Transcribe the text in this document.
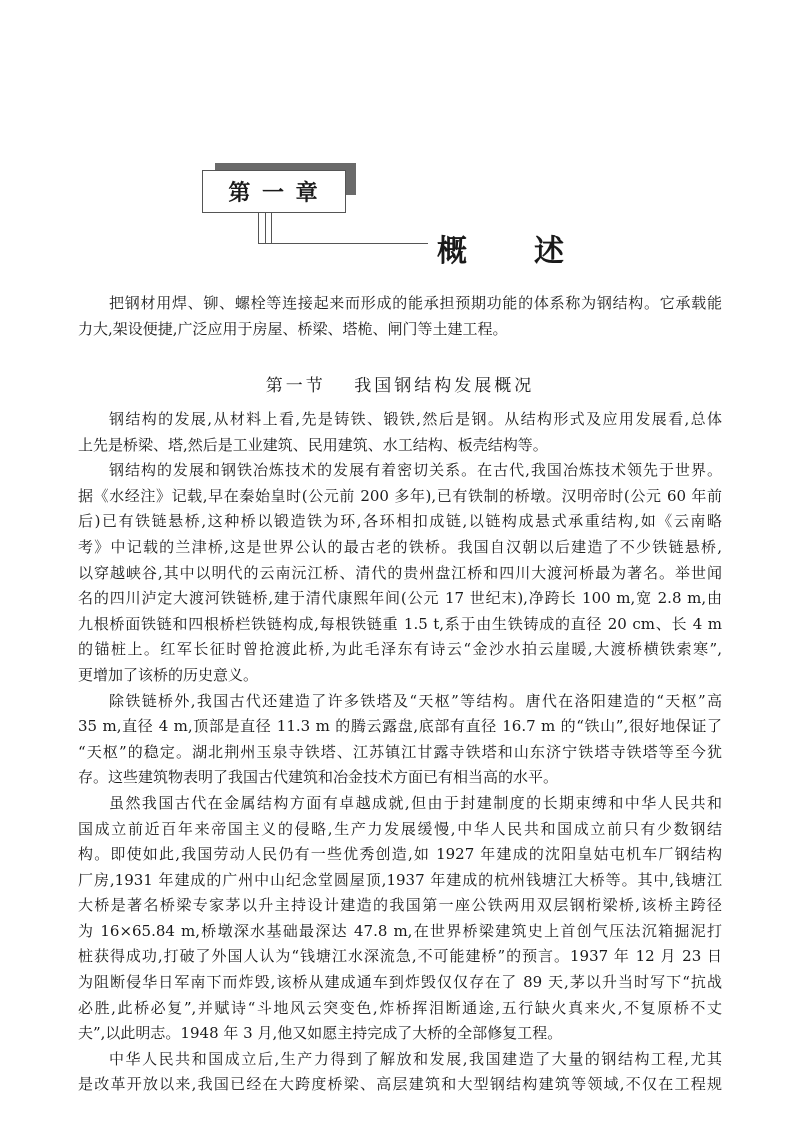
第 一 章
概 述
把钢材用焊、铆、螺栓等连接起来而形成的能承担预期功能的体系称为钢结构。它承载能
力大,架设便捷,广泛应用于房屋、桥梁、塔桅、闸门等土建工程。
第一节　 我国钢结构发展概况
钢结构的发展,从材料上看,先是铸铁、锻铁,然后是钢。从结构形式及应用发展看,总体
上先是桥梁、塔,然后是工业建筑、民用建筑、水工结构、板壳结构等。
钢结构的发展和钢铁冶炼技术的发展有着密切关系。在古代,我国冶炼技术领先于世界。
据《水经注》记载,早在秦始皇时(公元前 200 多年),已有铁制的桥墩。汉明帝时(公元 60 年前
后)已有铁链悬桥,这种桥以锻造铁为环,各环相扣成链,以链构成悬式承重结构,如《云南略
考》中记载的兰津桥,这是世界公认的最古老的铁桥。我国自汉朝以后建造了不少铁链悬桥,
以穿越峡谷,其中以明代的云南沅江桥、清代的贵州盘江桥和四川大渡河桥最为著名。举世闻
名的四川泸定大渡河铁链桥,建于清代康熙年间(公元 17 世纪末),净跨长 100 m,宽 2.8 m,由
九根桥面铁链和四根桥栏铁链构成,每根铁链重 1.5 t,系于由生铁铸成的直径 20 cm、长 4 m
的锚桩上。红军长征时曾抢渡此桥,为此毛泽东有诗云“金沙水拍云崖暖,大渡桥横铁索寒”,
更增加了该桥的历史意义。
除铁链桥外,我国古代还建造了许多铁塔及“天枢”等结构。唐代在洛阳建造的“天枢”高
35 m,直径 4 m,顶部是直径 11.3 m 的腾云露盘,底部有直径 16.7 m 的“铁山”,很好地保证了
“天枢”的稳定。湖北荆州玉泉寺铁塔、江苏镇江甘露寺铁塔和山东济宁铁塔寺铁塔等至今犹
存。这些建筑物表明了我国古代建筑和冶金技术方面已有相当高的水平。
虽然我国古代在金属结构方面有卓越成就,但由于封建制度的长期束缚和中华人民共和
国成立前近百年来帝国主义的侵略,生产力发展缓慢,中华人民共和国成立前只有少数钢结
构。即使如此,我国劳动人民仍有一些优秀创造,如 1927 年建成的沈阳皇姑屯机车厂钢结构
厂房,1931 年建成的广州中山纪念堂圆屋顶,1937 年建成的杭州钱塘江大桥等。其中,钱塘江
大桥是著名桥梁专家茅以升主持设计建造的我国第一座公铁两用双层钢桁梁桥,该桥主跨径
为 16×65.84 m,桥墩深水基础最深达 47.8 m,在世界桥梁建筑史上首创气压法沉箱掘泥打
桩获得成功,打破了外国人认为“钱塘江水深流急,不可能建桥”的预言。1937 年 12 月 23 日
为阻断侵华日军南下而炸毁,该桥从建成通车到炸毁仅仅存在了 89 天,茅以升当时写下“抗战
必胜,此桥必复”,并赋诗“斗地风云突变色,炸桥挥泪断通途,五行缺火真来火,不复原桥不丈
夫”,以此明志。1948 年 3 月,他又如愿主持完成了大桥的全部修复工程。
中华人民共和国成立后,生产力得到了解放和发展,我国建造了大量的钢结构工程,尤其
是改革开放以来,我国已经在大跨度桥梁、高层建筑和大型钢结构建筑等领域,不仅在工程规
